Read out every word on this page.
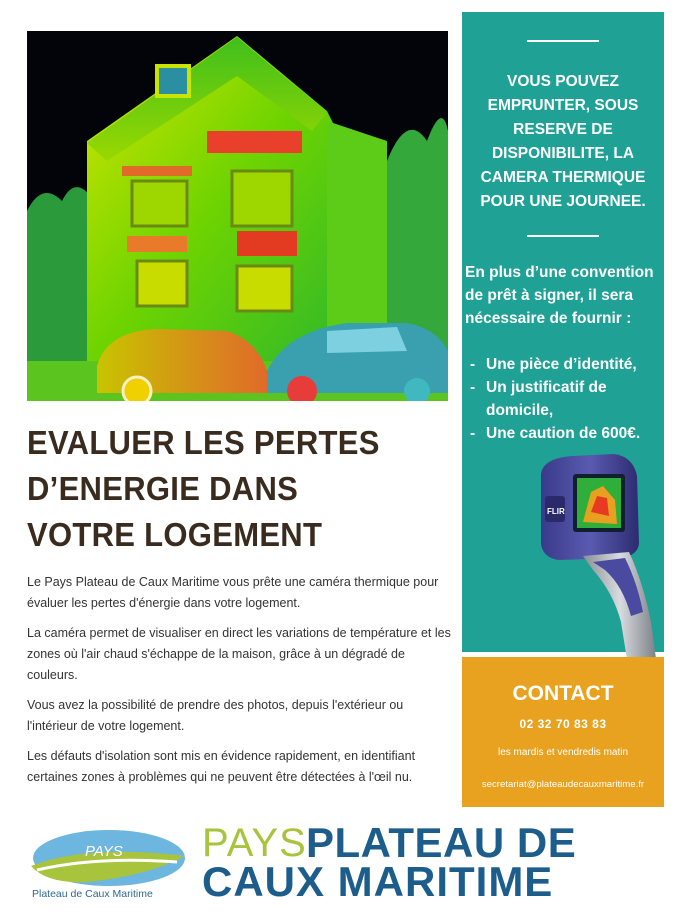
VOUS POUVEZ EMPRUNTER, SOUS RESERVE DE DISPONIBILITE, LA CAMERA THERMIQUE POUR UNE JOURNEE.
En plus d’une convention de prêt à signer, il sera nécessaire de fournir :
- Une pièce d’identité,
- Un justificatif de domicile,
- Une caution de 600€.
FLIR
CONTACT
02 32 70 83 83
les mardis et vendredis matin
secretariat@plateaudecauxmaritime.fr
EVALUER LES PERTES
D’ENERGIE DANS
VOTRE LOGEMENT

Le Pays Plateau de Caux Maritime vous prête une caméra thermique pour évaluer les pertes d'énergie dans votre logement.

La caméra permet de visualiser en direct les variations de température et les zones où l'air chaud s'échappe de la maison, grâce à un dégradé de couleurs.

Vous avez la possibilité de prendre des photos, depuis l'extérieur ou l'intérieur de votre logement.

Les défauts d'isolation sont mis en évidence rapidement, en identifiant certaines zones à problèmes qui ne peuvent être détectées à l'œil nu.

PAYS
Plateau de Caux Maritime
PAYS PLATEAU DE
CAUX MARITIME
